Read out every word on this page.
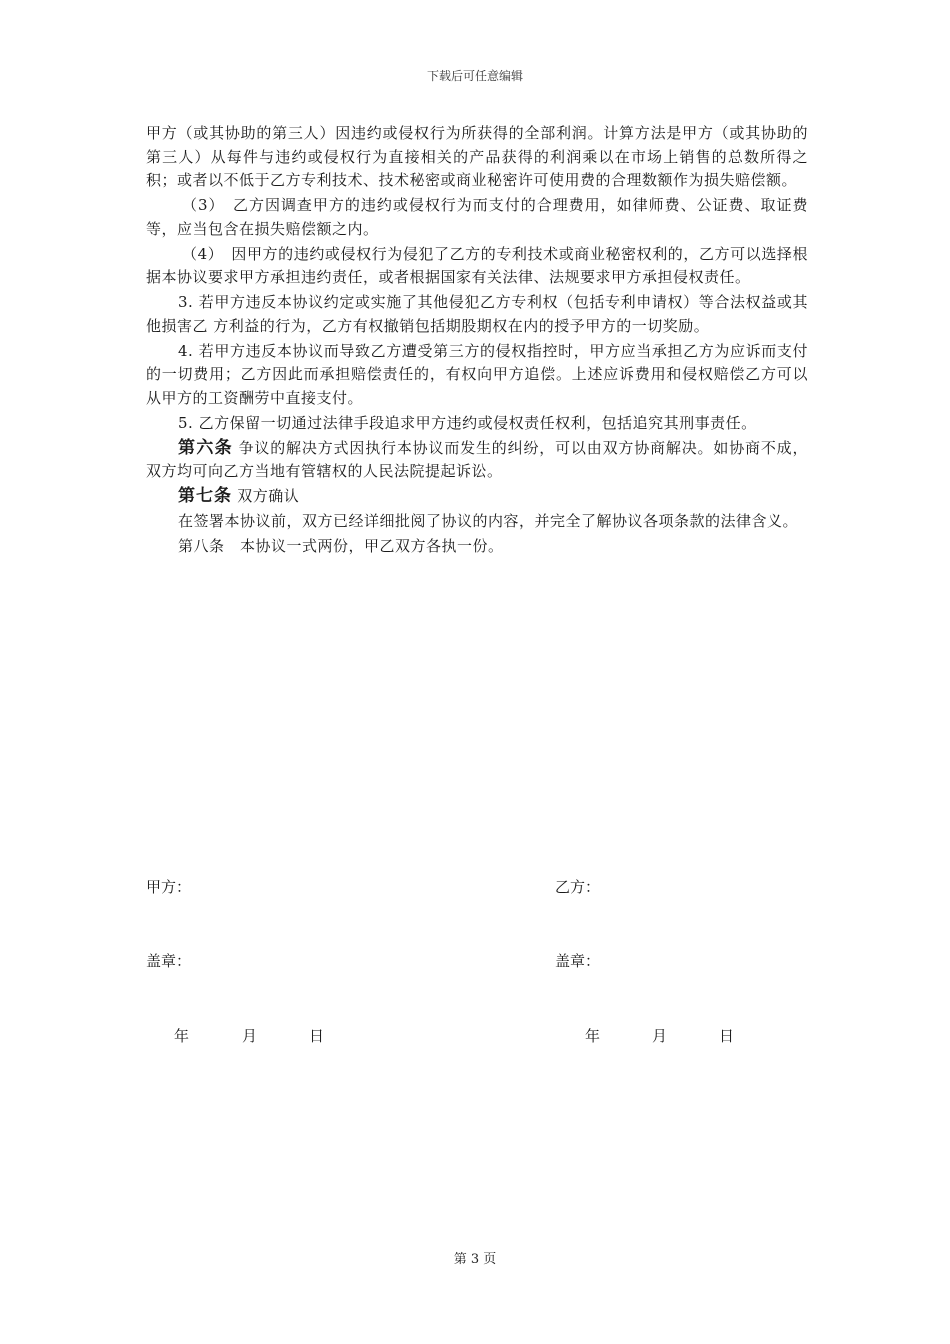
下载后可任意编辑

甲方（或其协助的第三人）因违约或侵权行为所获得的全部利润。计算方法是甲方（或其协助的第三人）从每件与违约或侵权行为直接相关的产品获得的利润乘以在市场上销售的总数所得之积；或者以不低于乙方专利技术、技术秘密或商业秘密许可使用费的合理数额作为损失赔偿额。

（3）　乙方因调查甲方的违约或侵权行为而支付的合理费用，如律师费、公证费、取证费等，应当包含在损失赔偿额之内。

（4）　因甲方的违约或侵权行为侵犯了乙方的专利技术或商业秘密权利的，乙方可以选择根据本协议要求甲方承担违约责任，或者根据国家有关法律、法规要求甲方承担侵权责任。

3. 若甲方违反本协议约定或实施了其他侵犯乙方专利权（包括专利申请权）等合法权益或其他损害乙 方利益的行为，乙方有权撤销包括期股期权在内的授予甲方的一切奖励。

4. 若甲方违反本协议而导致乙方遭受第三方的侵权指控时，甲方应当承担乙方为应诉而支付的一切费用；乙方因此而承担赔偿责任的，有权向甲方追偿。上述应诉费用和侵权赔偿乙方可以从甲方的工资酬劳中直接支付。

5. 乙方保留一切通过法律手段追求甲方违约或侵权责任权利，包括追究其刑事责任。

第六条 争议的解决方式因执行本协议而发生的纠纷，可以由双方协商解决。如协商不成，双方均可向乙方当地有管辖权的人民法院提起诉讼。

第七条 双方确认

在签署本协议前，双方已经详细批阅了协议的内容，并完全了解协议各项条款的法律含义。

第八条　本协议一式两份，甲乙双方各执一份。

甲方：	乙方：
盖章：	盖章：
年	月	日	年	月	日
第 3 页
